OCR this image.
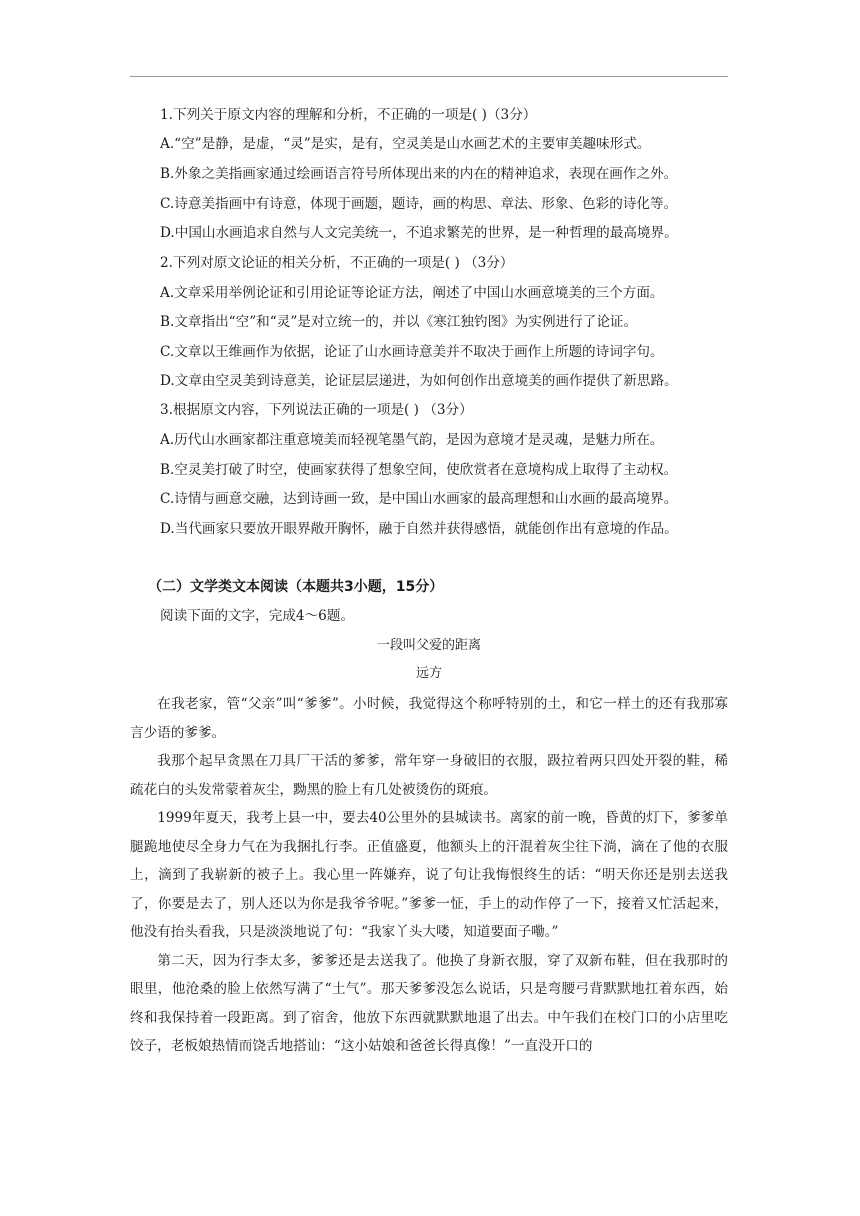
1.下列关于原文内容的理解和分析，不正确的一项是( )（3分）
A.“空”是静，是虚，“灵”是实，是有，空灵美是山水画艺术的主要审美趣味形式。
B.外象之美指画家通过绘画语言符号所体现出来的内在的精神追求，表现在画作之外。
C.诗意美指画中有诗意，体现于画题，题诗，画的构思、章法、形象、色彩的诗化等。
D.中国山水画追求自然与人文完美统一，不追求繁芜的世界，是一种哲理的最高境界。
2.下列对原文论证的相关分析，不正确的一项是( ) （3分）
A.文章采用举例论证和引用论证等论证方法，阐述了中国山水画意境美的三个方面。
B.文章指出“空”和“灵”是对立统一的，并以《寒江独钓图》为实例进行了论证。
C.文章以王维画作为依据，论证了山水画诗意美并不取决于画作上所题的诗词字句。
D.文章由空灵美到诗意美，论证层层递进，为如何创作出意境美的画作提供了新思路。
3.根据原文内容，下列说法正确的一项是( ) （3分）
A.历代山水画家都注重意境美而轻视笔墨气韵，是因为意境才是灵魂，是魅力所在。
B.空灵美打破了时空，使画家获得了想象空间，使欣赏者在意境构成上取得了主动权。
C.诗情与画意交融，达到诗画一致，是中国山水画家的最高理想和山水画的最高境界。
D.当代画家只要放开眼界敞开胸怀，融于自然并获得感悟，就能创作出有意境的作品。
（二）文学类文本阅读（本题共3小题，15分）
阅读下面的文字，完成4～6题。
一段叫父爱的距离
远方

在我老家，管“父亲”叫“爹爹”。小时候，我觉得这个称呼特别的土，和它一样土的还有我那寡言少语的爹爹。

我那个起早贪黑在刀具厂干活的爹爹，常年穿一身破旧的衣服，趿拉着两只四处开裂的鞋，稀疏花白的头发常蒙着灰尘，黝黑的脸上有几处被烫伤的斑痕。

1999年夏天，我考上县一中，要去40公里外的县城读书。离家的前一晚，昏黄的灯下，爹爹单腿跪地使尽全身力气在为我捆扎行李。正值盛夏，他额头上的汗混着灰尘往下淌，滴在了他的衣服上，滴到了我崭新的被子上。我心里一阵嫌弃，说了句让我悔恨终生的话：“明天你还是别去送我了，你要是去了，别人还以为你是我爷爷呢。”爹爹一怔，手上的动作停了一下，接着又忙活起来，他没有抬头看我，只是淡淡地说了句：“我家丫头大喽，知道要面子嘞。”

第二天，因为行李太多，爹爹还是去送我了。他换了身新衣服，穿了双新布鞋，但在我那时的眼里，他沧桑的脸上依然写满了“土气”。那天爹爹没怎么说话，只是弯腰弓背默默地扛着东西，始终和我保持着一段距离。到了宿舍，他放下东西就默默地退了出去。中午我们在校门口的小店里吃饺子，老板娘热情而饶舌地搭讪：“这小姑娘和爸爸长得真像！”一直没开口的
